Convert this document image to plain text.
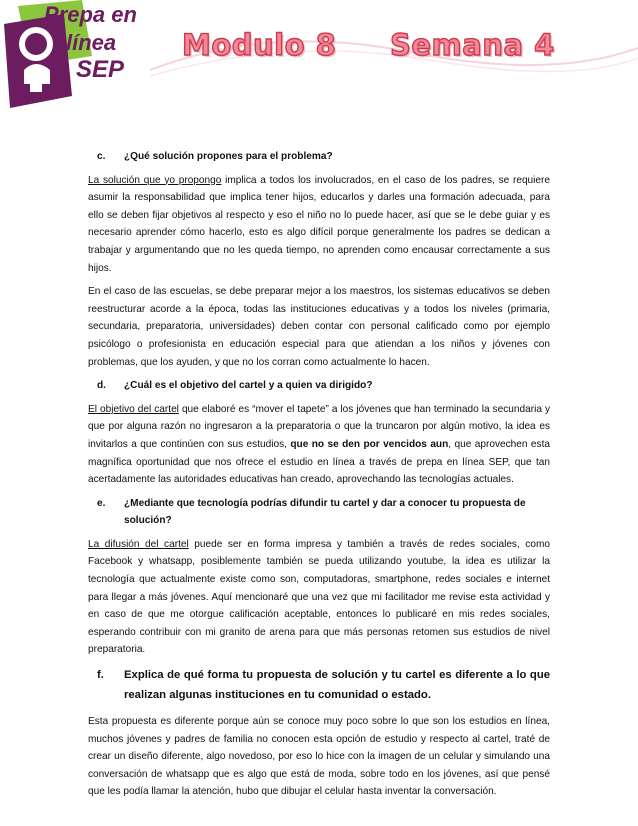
Prepa en
línea
SEP
Modulo 8 Semana 4
c.	¿Qué solución propones para el problema?

La solución que yo propongo implica a todos los involucrados, en el caso de los padres, se requiere asumir la responsabilidad que implica tener hijos, educarlos y darles una formación adecuada, para ello se deben fijar objetivos al respecto y eso el niño no lo puede hacer, así que se le debe guiar y es necesario aprender cómo hacerlo, esto es algo difícil porque generalmente los padres se dedican a trabajar y argumentando que no les queda tiempo, no aprenden como encausar correctamente a sus hijos.

En el caso de las escuelas, se debe preparar mejor a los maestros, los sistemas educativos se deben reestructurar acorde a la época, todas las instituciones educativas y a todos los niveles (primaria, secundaria, preparatoria, universidades) deben contar con personal calificado como por ejemplo psicólogo o profesionista en educación especial para que atiendan a los niños y jóvenes con problemas, que los ayuden, y que no los corran como actualmente lo hacen.

d.	¿Cuál es el objetivo del cartel y a quien va dirigido?

El objetivo del cartel que elaboré es “mover el tapete” a los jóvenes que han terminado la secundaria y que por alguna razón no ingresaron a la preparatoria o que la truncaron por algún motivo, la idea es invitarlos a que continúen con sus estudios, que no se den por vencidos aun, que aprovechen esta magnífica oportunidad que nos ofrece el estudio en línea a través de prepa en línea SEP, que tan acertadamente las autoridades educativas han creado, aprovechando las tecnologías actuales.

e.	¿Mediante que tecnología podrías difundir tu cartel y dar a conocer tu propuesta de solución?

La difusión del cartel puede ser en forma impresa y también a través de redes sociales, como Facebook y whatsapp, posiblemente también se pueda utilizando youtube, la idea es utilizar la tecnología que actualmente existe como son, computadoras, smartphone, redes sociales e internet para llegar a más jóvenes. Aquí mencionaré que una vez que mi facilitador me revise esta actividad y en caso de que me otorgue calificación aceptable, entonces lo publicaré en mis redes sociales, esperando contribuir con mi granito de arena para que más personas retomen sus estudios de nivel preparatoria.

f.	Explica de qué forma tu propuesta de solución y tu cartel es diferente a lo que realizan algunas instituciones en tu comunidad o estado.

Esta propuesta es diferente porque aún se conoce muy poco sobre lo que son los estudios en línea, muchos jóvenes y padres de familia no conocen esta opción de estudio y respecto al cartel, traté de crear un diseño diferente, algo novedoso, por eso lo hice con la imagen de un celular y simulando una conversación de whatsapp que es algo que está de moda, sobre todo en los jóvenes, así que pensé que les podía llamar la atención, hubo que dibujar el celular hasta inventar la conversación.
